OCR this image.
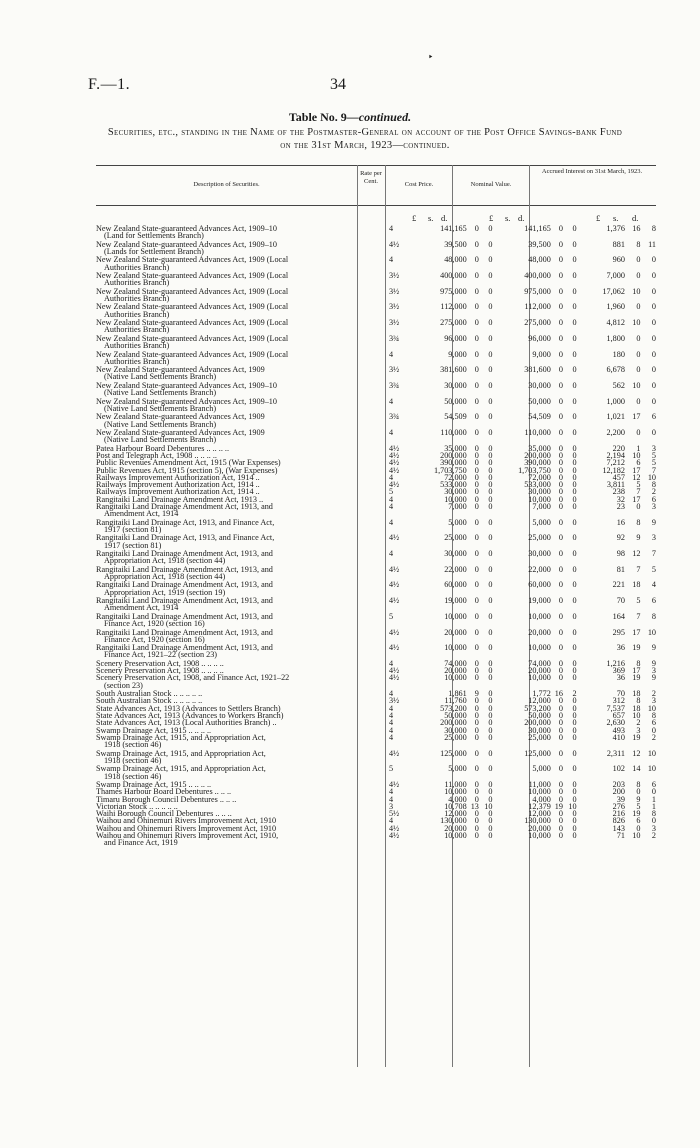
‣
F.—1.	34
Table No. 9—continued.
Securities, etc., standing in the Name of the Postmaster-General on account of the Post Office Savings-bank Fund on the 31st March, 1923—continued.
Description of Securities.
Rate per Cent.	Cost Price.	Nominal Value.
Accrued Interest on 31st March, 1923.
£ s. d.	£ s. d.	£ s. d.
New Zealand State-guaranteed Advances Act, 1909–10
(Land for Settlements Branch)	4	141,165	0	0	141,165	0	0	1,376	16	8

New Zealand State-guaranteed Advances Act, 1909–10
(Lands for Settlement Branch)	4½	39,500	0	0	39,500	0	0	881	8	11

New Zealand State-guaranteed Advances Act, 1909 (Local
Authorities Branch)	4	48,000	0	0	48,000	0	0	960	0	0

New Zealand State-guaranteed Advances Act, 1909 (Local
Authorities Branch)	3½	400,000	0	0	400,000	0	0	7,000	0	0

New Zealand State-guaranteed Advances Act, 1909 (Local
Authorities Branch)	3½	975,000	0	0	975,000	0	0	17,062	10	0

New Zealand State-guaranteed Advances Act, 1909 (Local
Authorities Branch)	3½	112,000	0	0	112,000	0	0	1,960	0	0

New Zealand State-guaranteed Advances Act, 1909 (Local
Authorities Branch)	3½	275,000	0	0	275,000	0	0	4,812	10	0

New Zealand State-guaranteed Advances Act, 1909 (Local
Authorities Branch)	3¾	96,000	0	0	96,000	0	0	1,800	0	0

New Zealand State-guaranteed Advances Act, 1909 (Local
Authorities Branch)	4	9,000	0	0	9,000	0	0	180	0	0

New Zealand State-guaranteed Advances Act, 1909
(Native Land Settlements Branch)	3½	381,600	0	0	381,600	0	0	6,678	0	0

New Zealand State-guaranteed Advances Act, 1909–10
(Native Land Settlements Branch)	3¾	30,000	0	0	30,000	0	0	562	10	0

New Zealand State-guaranteed Advances Act, 1909–10
(Native Land Settlements Branch)	4	50,000	0	0	50,000	0	0	1,000	0	0

New Zealand State-guaranteed Advances Act, 1909
(Native Land Settlements Branch)	3¾	54,509	0	0	54,509	0	0	1,021	17	6

New Zealand State-guaranteed Advances Act, 1909
(Native Land Settlements Branch)	4	110,000	0	0	110,000	0	0	2,200	0	0

Patea Harbour Board Debentures .. .. .. ..	4½	35,000	0	0	35,000	0	0	220	1	3

Post and Telegraph Act, 1908 .. .. .. ..	4½	200,000	0	0	200,000	0	0	2,194	10	5

Public Revenues Amendment Act, 1915 (War Expenses)	4½	390,000	0	0	390,000	0	0	7,212	6	5

Public Revenues Act, 1915 (section 5), (War Expenses)	4½	1,703,750	0	0	1,703,750	0	0	12,182	17	7

Railways Improvement Authorization Act, 1914 ..	4	72,000	0	0	72,000	0	0	457	12	10

Railways Improvement Authorization Act, 1914 ..	4½	533,000	0	0	533,000	0	0	3,811	5	8

Railways Improvement Authorization Act, 1914 ..	5	30,000	0	0	30,000	0	0	238	7	2

Rangitaiki Land Drainage Amendment Act, 1913 ..	4	10,000	0	0	10,000	0	0	32	17	6

Rangitaiki Land Drainage Amendment Act, 1913, and
Amendment Act, 1914	4	7,000	0	0	7,000	0	0	23	0	3

Rangitaiki Land Drainage Act, 1913, and Finance Act,
1917 (section 81)	4	5,000	0	0	5,000	0	0	16	8	9

Rangitaiki Land Drainage Act, 1913, and Finance Act,
1917 (section 81)	4½	25,000	0	0	25,000	0	0	92	9	3

Rangitaiki Land Drainage Amendment Act, 1913, and
Appropriation Act, 1918 (section 44)	4	30,000	0	0	30,000	0	0	98	12	7

Rangitaiki Land Drainage Amendment Act, 1913, and
Appropriation Act, 1918 (section 44)	4½	22,000	0	0	22,000	0	0	81	7	5

Rangitaiki Land Drainage Amendment Act, 1913, and
Appropriation Act, 1919 (section 19)	4½	60,000	0	0	60,000	0	0	221	18	4

Rangitaiki Land Drainage Amendment Act, 1913, and
Amendment Act, 1914	4½	19,000	0	0	19,000	0	0	70	5	6

Rangitaiki Land Drainage Amendment Act, 1913, and
Finance Act, 1920 (section 16)	5	10,000	0	0	10,000	0	0	164	7	8

Rangitaiki Land Drainage Amendment Act, 1913, and
Finance Act, 1920 (section 16)	4½	20,000	0	0	20,000	0	0	295	17	10

Rangitaiki Land Drainage Amendment Act, 1913, and
Finance Act, 1921–22 (section 23)	4½	10,000	0	0	10,000	0	0	36	19	9

Scenery Preservation Act, 1908 .. .. .. ..	4	74,000	0	0	74,000	0	0	1,216	8	9

Scenery Preservation Act, 1908 .. .. .. ..	4½	20,000	0	0	20,000	0	0	369	17	3

Scenery Preservation Act, 1908, and Finance Act, 1921–22
(section 23)	4½	10,000	0	0	10,000	0	0	36	19	9

South Australian Stock .. .. .. .. ..	4	1,861	9	0	1,772	16	2	70	18	2

South Australian Stock .. .. .. .. ..	3½	11,760	0	0	12,000	0	0	312	8	3

State Advances Act, 1913 (Advances to Settlers Branch)	4	573,200	0	0	573,200	0	0	7,537	18	10

State Advances Act, 1913 (Advances to Workers Branch)	4	50,000	0	0	50,000	0	0	657	10	8

State Advances Act, 1913 (Local Authorities Branch) ..	4	200,000	0	0	200,000	0	0	2,630	2	6

Swamp Drainage Act, 1915 .. .. .. ..	4	30,000	0	0	30,000	0	0	493	3	0

Swamp Drainage Act, 1915, and Appropriation Act,
1918 (section 46)	4	25,000	0	0	25,000	0	0	410	19	2

Swamp Drainage Act, 1915, and Appropriation Act,
1918 (section 46)	4½	125,000	0	0	125,000	0	0	2,311	12	10

Swamp Drainage Act, 1915, and Appropriation Act,
1918 (section 46)	5	5,000	0	0	5,000	0	0	102	14	10

Swamp Drainage Act, 1915 .. .. .. ..	4½	11,000	0	0	11,000	0	0	203	8	6

Thames Harbour Board Debentures .. .. ..	4	10,000	0	0	10,000	0	0	200	0	0

Timaru Borough Council Debentures .. .. ..	4	4,000	0	0	4,000	0	0	39	9	1

Victorian Stock .. .. .. .. ..	3	10,708	13	10	12,379	19	10	276	5	1

Waihi Borough Council Debentures .. .. ..	5½	12,000	0	0	12,000	0	0	216	19	8

Waihou and Ohinemuri Rivers Improvement Act, 1910	4	130,000	0	0	130,000	0	0	826	6	0

Waihou and Ohinemuri Rivers Improvement Act, 1910	4½	20,000	0	0	20,000	0	0	143	0	3

Waihou and Ohinemuri Rivers Improvement Act, 1910,
and Finance Act, 1919	4½	10,000	0	0	10,000	0	0	71	10	2
